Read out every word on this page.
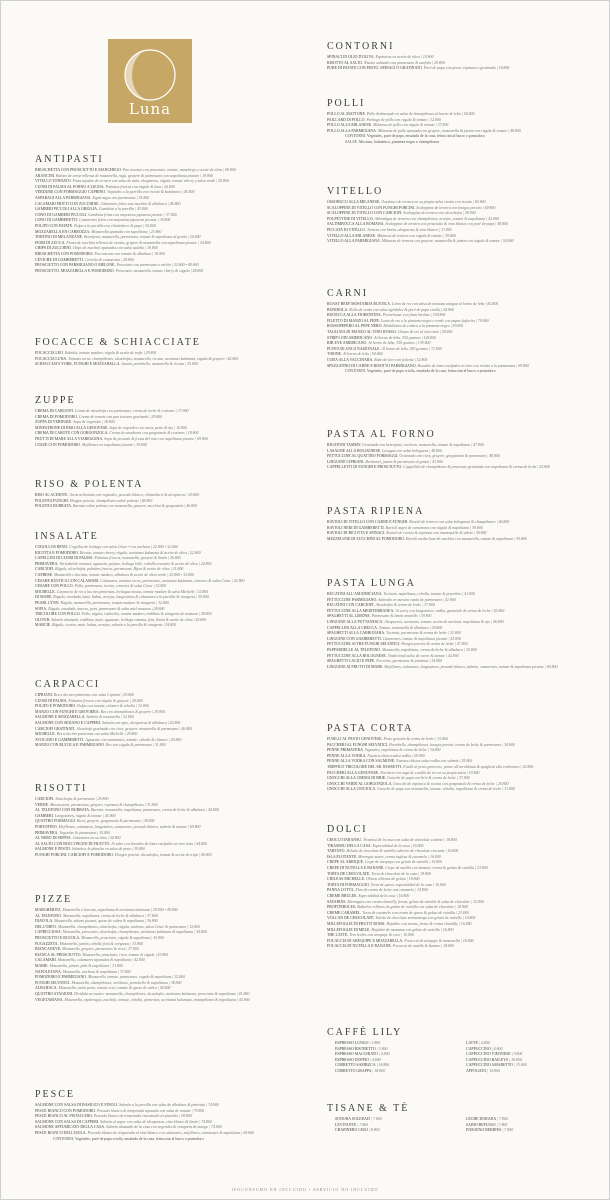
Luna
ANTIPASTI
BRUSCHETTA CON PROSCIUTTO E MANCHEGO. Pan toscano con prosciutto, tomate, manchego y aceite de oliva | 69.800
ARANCINI. Bolitas de arroz rellenas de mozzarella, ragù, gruyere & parmesano con napolitana picante | 18.800
VITELLO TONNATO. Finas tajadas de ternera con salsa de atún, alcaparras, rúgula, tomate cherry y salsa verde | 29.800
CUORI DI PALMA AL FORNO A LEGNA. Palmitos frescos con rúgula & lima | 26.800
VERDURE CON FORMAGGIO CAPRINO. Vegetales a la parrilla con ricotta & balsámico | 45.800
ASPARAGI ALLA PARMIGIANA. Espárragos con parmesano | 35.800
CALAMARI FRITTI CON ZUCCHINE. Calamares fritos con zucchini & albahaca | 46.800
GAMBERI PICCOLI ALLA GRIGLIA. Gambitas a la parrilla | 45.800
CONO DI GAMBERI PICCOLI. Gambitas fritas con mayonesa japonesa picante | 37.800
CONO DI GAMBERETTI. Camarones fritos con mayonesa japonesa picante | 39.800
POLIPO CON PATATE. Pulpo a la parrilla con chimichurri & papa | 54.800
MOZZARELLA EN CARROZZA. Mozzarella apanada con napolitana | 23.800
TORTINO DI MELANZANE. Berenjena, mozzarella, parmesano, tomate & napolitana al gratín | 26.800
FIORI DI ZUCCA. Flores de zucchini rellenos de ricotta, gruyere & mozzarella con napolitana picante | 54.800
CHIPS DI ZUCCHINI. Chips de zucchini apanados con salsa tzatziki | 18.800
BRUSCHETTA CON POMODORO. Pan toscano con tomate & albahaca | 18.800
CEVICHE DI GAMBERETTI. Ceviche de camarones | 29.800
PROSCIUTTO CON PARMIGIANO O MELONE. Prosciutto con parmesano o melón | 32.800 • 49.800
PROSCIUTTO, MOZZARELLA E POMODORO. Prosciutto, mozzarella, tomate cherry & rúgula | 58.800
FOCACCE & SCHIACCIATE
FOCACCIA LEO. Robiola, tomate maduro, rúgula & aceite de trufa | 29.800
FOCACCIA LUNA. Tomates secos, champiñones, alcachofas, mozzarella, ricotta, aceitunas kalamata, rúgula & gruyere | 42.800
SCHIACCIATA YORK, FUNGHI E MOZZARELLA. Jamón, portobello, mozzarella & ricotta | 35.800
ZUPPE
CREMA DI CARCIOFI. Crema de alcachofa con parmesano, crema de leche & crutones | 37.800
CREMA DI POMODORO. Crema de tomate con pan toscano gratinado | 29.800
ZUPPA DI VERDURE. Sopa de vegetales | 18.800
MINESTRONE DI RISO ALLA GENOVESE. Sopa de vegetales con arroz, pesto & ajo | 16.800
CREMA DI CAROTE CON GORGONZOLA. Crema de zanahoria con gorgonzola & crutones | 18.800
FRUTTI DI MARE ALLA VIAREGGINA. Sopa de pescado & frutos del mar con napolitana picante | 69.800
COZZE CON POMODORO. Mejillones en napolitana picante | 39.800
RISO & POLENTA
RISO AL ACHIOTE. Arroz achiotado con vegetales, pescado blanco, chimichurri & alcaparras | 29.800
POLENTA FUNGHI. Hongos porcini, champiñones sobre polenta | 48.800
POLENTA BURRATA. Burrata sobre polenta con mozzarella, gruyere, zucchini & gorgonzola | 46.800
INSALATE
COGOLLOS RENO. Cogollos de lechuga con salsa César • con anchoas | 22.800 • 32.600
RICOTTA E POMODORO. Ricotta, tomate cherry, rúgula, aceitunas kalamata & aceite de oliva | 22.800
CAPELLINI DI CUORI DI PALMA. Palmitos frescos, mozzarella, gruyere & limón | 26.800
PRIMAVERA. Variedad de tomates, aguacate, pepino, lechuga lollo, cebolla crocante & aceite de oliva | 24.800
CARCIOFI. Rúgula, alcachofas, palmitos frescos, parmesano, Bijon & aceite de oliva | 21.800
CAPRESE. Mozzarella o burrata, tomate maduro, albahaca & aceite de oliva verde | 25.800 • 32.800
CESARE RUSTICA CON CALAMARI. Calamares, tomates secos, parmesano, aceitunas kalamata, crutones & salsa César | 42.800
CESARE CON POLLO. Pollo, parmesano, tocino, crutones & salsa César | 32.800
MICHELLE. Carpaccio de res a las tres pimientas, lechugas mixtas, tomate maduro & salsa Michelle | 32.800
DI MARE. Rúgula, ensalada, maíz, habas, arvejas, langostinos & calamares a la parrilla & vinagreta | 59.800
PEARL LYNN. Rúgula, mozzarella, parmesano, tomate maduro & vinagreta | 32.800
SOFIA. Rúgula, ensalada, nueces, pera, parmesano & salsa miel mostaza | 28.800
TRICOLORE CON POLLO. Pollo, rúgula, radicchio, tomate maduro, endibias & vinagreta de mostaza | 28.800
OLIVER. Salmón ahumado, endibias, maíz, aguacate, lechuga romana, feta, limón & aceite de oliva | 42.800
MARCIE. Rúgula, ricotta, maíz, habas, arvejas, salmón a la parrilla & vinagreta | 54.800
CARPACCI
CIPRIANI. Res a las tres pimientas con salsa Cipriani | 29.800
CUORI DI PALMA. Palmitos frescos con rúgula & gruyere | 29.800
POLIPO E POMODORO. Pulpo con tomate, cilantro & cebolla | 32.800
MANZO CON FUNGHI E GROVIERA. Res con champiñones & gruyere | 29.800
SALMONE E MOZZARELLA. Salmón & mozzarella | 32.800
SALMONE CON SEDANO E CAPPERI. Salmón con apio, alcaparras & albahaca | 42.800
CARCIOFI GRATINATI. Alcachofa gratinada con ricot, gruyere, mozzarella & parmesano | 46.800
MICHELLE. Res a las tres pimientas con salsa Michelle | 29.800
AVOCADO E GAMBERETTI. Aguacate con camarones, tomate, cebolla & cilantro | 29.800
MANZO CON RUCOLA E PARMIGIANO. Res con rúgula & parmesano | 31.800
RISOTTI
CARCIOFI. Alcachofas & parmesano | 29.800
VERDE. Mascarpone, parmesano, gruyere, espinaca & champiñones | 31.800
AL TELEFONO CON BURRATA. Burrata, mozzarella, napolitana, parmesano, crema de leche & albahaca | 44.800
GAMBERI. Langostinos, rúgula & tomate | 45.800
QUATTRO FORMAGGI. Ricot, gruyere, gorgonzola & parmesano | 38.800
PORTOFINO. Mejillones, calamares, langostinos, camarones, pescado blanco, salmón & tomate | 69.800
PRIMAVERA. Vegetales & parmesano | 35.800
AL NERO DI SEPPIA. Calamares en su tinta | 54.800
AL SALTO CON BOCCONCINI DI FILETTO. Al salto con bocados de lomo estofados en vino tinto | 64.800
SALMONE E PESTO. Salmón a la plancha en salsa de pesto | 59.800
FUNGHI PORCINI, CARCIOFI E POMODORO. Hongos porcini, alcachofas, tomate & aceite de trufa | 49.800
PIZZE
MARGHERITA. Mozzarella o burrata, napolitana & aceitunas kalamata | 29.800 • 49.800
AL TELEFONO. Mozzarella, napolitana, crema de leche & albahaca | 37.800
DIAVOLA. Mozzarella, salami picante, queso de cabra & napolitana | 36.800
DELL'ORTO. Mozzarella, champiñones, alcachofas, rúgula, anchoas, salsa César & parmesano | 32.800
CAPRICCIOSA. Mozzarella, prosciutto, alcachofas, champiñones, aceitunas kalamata & napolitana | 54.800
PROSCIUTTO E RUCOLA. Mozzarella, prosciutto, rúgula & napolitana | 43.800
FUGAZZETA. Mozzarella, jamón, cebolla frita & oréganos | 33.800
BIANCANEVE. Mozzarella, gruyere, parmesano & ricot | 37.800
BIANCA AL PROSCIUTTO. Mozzarella, prosciutto, ricot, tomate & rúgula | 43.800
CALAMARI. Mozzarella, calamares apanados & napolitana | 42.800
MARIE. Mozzarella, jamón, piña & napolitana | 31.800
NAPOLETANA. Mozzarella, anchoas & napolitana | 37.800
POMODORO E PARMIGIANO. Mozzarella, tomate, parmesano, rúgula & napolitana | 32.800
FUNGHI SELVATICI. Mozzarella, champiñones, orellanas, portobello & napolitana | 38.800
ALBAHACA. Mozzarella, salsa pesto, tomate seco, tomate & queso de cabra | 44.800
QUATTRO STAGIONI. Dividida en cuatro: mozzarella, champiñones, alcachofas, aceitunas kalamata, prosciutto & napolitana | 41.800
VEGETARIANA. Mozzarella, espárragos, zucchini, tomate, cebolla, pimientos, aceitunas kalamata, champiñones & napolitana | 43.800
PESCE
SALMONE CON SALSA DI BASILICO E FINOLI. Salmón a la parrilla con salsa de albahaca & pimienta | 74.800
PESCE BIANCO CON POMODORO. Pescado blanco de temporada apanado con salsa de tomate | 79.800
PESCE BIANCO AL PISTACCHIO. Pescado blanco de temporada encostrado en pistacho | 69.800
SALMONE CON SALSA DI CAPPERI. Salmón al vapor con salsa de alcaparras, vino blanco & limón | 74.800
SALMONE AFFUMICATO DELLA CASA. Salmón ahumado de la casa con vegetales & vinagreta de mango | 74.800
PESCE BIANCO DELL'ISOLA. Pescado blanco de temporada al vino blanco con calamares, mejillones, camarones & napolitana | 69.800
CONTORNI. Vegetales, puré de papa criolla, ensalada de la casa, fettuccini al burro o pomodoro
CONTORNI
SPINACI IN OLIO D'OLIVA. Espinacas en aceite de oliva | 10.800
RISOTTO AL SALTO. Risotto salteado con parmesano & azafrán | 29.800
PURE DI PATATE CON PESTO, SPINACI O GRATINATO. Puré de papa con pesto, espinaca o gratinado | 18.800
POLLI
POLLO AL MATTONE. Pollo deshuesado en salsa de champiñones al horno de leña | 54.800
PAILLARD DI POLLO. Pechuga de pollo con rúgula & tomate | 32.800
POLLO ALLA MILANESE. Milanesa de pollo con rúgula & tomate | 37.800
POLLO ALLA PARMIGIANA. Milanesa de pollo apanada con gruyere, mozzarella & jamón con rúgula & tomate | 48.800
CONTORNI. Vegetales, puré de papa, ensalada de la casa, fettuccini al burro o pomodoro
SALSE. Mostaza, balsámico, pimienta negra o champiñones
VITELLO
OSSOBUCO ALLA MILANESE. Ossobuco de ternera en su propia salsa risotto con risotto | 82.800
SCALOPPINE DI VITELLO CON FUNGHI PORCINI. Scaloppine de ternera con hongos porcini | 69.800
SCALOPPINE DI VITELLO CON CARCIOFI. Scaloppine de ternera con alcachofas | 38.800
POLPETTINE DI VITELLO. Albóndigas de ternera con champiñones, arvejas, tomate & napolitana | 42.800
SALTIMBOCCA ALLA ROMANA. Scaloppine de ternera con prosciutto & vino blanco con puré de papa | 49.800
PICCATA DI VITELLO. Ternera con limón, alcaparras & vino blanco | 37.800
VITELLO ALLA MILANESE. Milanesa de ternera con rúgula & tomate | 39.800
VITELLO ALLA PARMIGIANA. Milanesa de ternera con gruyere, mozzarella & jamón con rúgula & tomate | 54.800
CARNI
ROAST BEEF MOSTARDA RUSTICA. Lomo de res con salsa de mostaza antigua al horno de leña | 82.800
BONDIOLA. Rollo de cerdo con salsa agridulce & puré de papa criolla | 64.800
BISTECCA ALLA FIORENTINA. Porterhouse con finas hierbas | 159.800
FILETTO DI MANZO AL PEPE. Lomo de res a la pimienta negra o verde con papas fosforito | 79.800
ROSSOPEPERO AL PEPE NERO. Medallones de cadera a la pimienta negra | 59.800
TAGLIATA DI MANZO AL VINO ROSSO. Chatas de res al vino tinto | 58.800
STRIP LOIN AMERICANO. Al horno de leña, 350 gramos | 128.800
RIB EYE AMERICANO. Al horno de leña, 350 gramos | 139.800
PUNTA DI ANCA NAZIONALE. Al horno de leña, 350 gramos | 72.800
T-BONE. Al horno de leña | 94.800
CODA ALLA VACCINARA. Rabo de toro con polenta | 52.800
SPEZZATINO DI CARNE E RISOTTO PARMIGIANO. Bocados de lomo estofados en vino con risotto a la parmesana | 69.800
CONTORNI. Vegetales, puré de papa criolla, ensalada de la casa, fettuccini al burro o pomodoro
PASTA AL FORNO
RIGATONI TAMMY. Gratinado con berenjena, carcheta, mozzarella, tomate & napolitana | 47.800
LASAGNE ALLA BOLOGNESE. Lasagna con salsa bolognesa | 48.800
FETTUCCINE AL QUATTRO FORMAGGI. Gratinado con ricot, gruyere, gorgonzola & parmesano | 49.800
LINGUINE CIPRIANI. Bechamel, jamón & parmesano al gratín | 41.800
CAPPELLETTI DI FUNGHI E PROSCIUTTO. Cappelletti de champiñones & prosciutto gratinado con napolitana & crema de leche | 52.800
PASTA RIPIENA
RAVIOLI DI VITELLO CON CARNE E FUNGHI. Ravioli de ternera con salsa bolognesa & champiñones | 46.800
RAVIOLI NERI DI GAMBERETTI. Ravioli negro de camarones con rúgula & napolitana | 59.800
RAVIOLI DI RICOTTA E SPINACI. Ravioli de ricotta & espinaca con mantequilla & salvia | 38.800
MEZZELUNE DI ZUCCHINI AL POMODORO. Ravioli media luna de zucchini con mozzarella, tomate & napolitana | 39.800
PASTA LUNGA
BUCATINI ALL'AMATRICIANA. Tocineta, napolitana, cebolla, tomate & peperlino | 41.800
FETTUCCINE PARMIGIANO. Salteado en nuestra rueda de parmesano | 41.800
BUCATINI CON CARCIOFI. Alcachofas & crema de leche | 37.800
FETTUCCINE ALLA MEDITERRANEA. Al curry con langostinos, vodka, guanciale & crema de leche | 55.800
SPAGHETTI AL LIMONE. Parmesano & limón amarillo | 39.800
LINGUINE ALLA PUTTANESCA. Alcaparras, aceitunas, tomate, aceite de anchoas, napolitana & ajo | 46.800
CAPPELLINI ALLA CHECCA. Tomate, mozzarella & albahaca | 29.800
SPAGHETTI ALLA CARBONARA. Tocineta, parmesano & crema de leche | 32.800
LINGUINE CON GAMBERETTI. Camarones, tomate & napolitana picante | 43.800
FETTUCCINE AI TRE FUNGHI SELVATICI. Hongos porcini & crema de leche | 47.800
PAPPARDELLE AL TELEFONO. Mozzarella, napolitana, crema de leche & albahaca | 35.800
FETTUCCINE ALLA BOLOGNESE. Tradicional salsa de carne & tomate | 42.800
SPAGHETTI CACIO E PEPE. Pecorino, parmesano & pimienta | 34.800
LINGUINE AI FRUTTI DI MARE. Mejillones, calamares, langostinos, pescado blanco, salmón, camarones, tomate & napolitana picante | 69.800
PASTA CORTA
FUSILLI AL PESTO GENOVESE. Pesto genovés & crema de leche | 33.800
PACCHERI AL FUNGHI SELVATICI. Portobello, champiñones, hongos porcini, crema de leche & parmesano | 34.800
PENNE PRIMAVERA. Vegetales, napolitana & crema de leche | 34.800
PENNE ALLA VODKA. Nuestra clásica salsa vodka | 29.800
PENNE ALLA VODKA CON SALMONE. Nuestra clásica salsa vodka con salmón | 55.800
TRIPPICO TRICOLORE DEL SR. ROSSETTI. Fusilli al pesto genovese, penne all'arrabbiata & spaghetti alla carbonara | 32.800
PACCHERI ALLA GENOVESE. Paccheri con ragù de costilla de res en su propia salsa | 53.800
GNOCCHI ALLA CREMA DI BRIE. Gnocchi de papa con brie & crema de leche | 37.800
GNOCCHI VERDI AL GORGONZOLA. Gnocchi de espinaca & ricotta con gorgonzola & crema de leche | 29.800
GNOCCHI ALLA CIOCIOLA. Gnocchi de papa con mozzarella, tomate, cebolla, napolitana & crema de leche | 31.800
DOLCI
CROCCOTARANSU. Tiramisú de la casa con salsa de chocolate caliente | 18.800
TIRAMISU DELLA CASA. Especialidad de la casa | 16.800
TARTUFO. Helado de chocolate & vainilla cubierto de chocolate crocante | 16.800
ISLA FLOTANTE. Merengue suave, crema inglesa & caramelo | 16.800
CREPE AL ARRIQUE. Crepe de arequipe con gelato de vainilla | 16.800
CREPE DI NUTELLA E BANANE. Crepe de nutella con banano, crema & gelato de vainilla | 23.800
TORTA DE CHOCOLATE. Torta de chocolate de la casa | 18.800
CHILEAS MICHELLE. Obleas rellenas de gelato | 18.800
TORTA DI FORMAGGIO. Torta de queso, especialidad de la casa | 16.800
PANNA COTTA. Flan de crema de leche con caramelo | 14.800
CRÈME BRÛLÉE. Especialidad de la casa | 16.800
SAVARINS. Merengues con crema chantilly, fresas, gelato de vainilla & salsa de chocolate | 25.800
PROFITEROLES. Buñuelos rellenos de gelato de vainilla con salsa de chocolate | 18.800
CREME CARAMEL. Torta de caramelo con crema de queso & gelato de vainilla | 23.800
VOLCAN DE CHOCOLATE. Volcán de chocolate semiamargo con gelato de vainilla | 18.800
MILLEFOGLIE DI FRUTTI ROSSI. Hojaldre con moras, fresas & crema chantilly | 16.800
MILLEFOGLIE DI MELE. Hojaldre de manzana con gelato de vainilla | 16.800
THE LATTE. Tres leches con arequipe & coco | 16.800
FOCACCIA DI AREQUIPE E MOZZARELLA. Focaccia de arequipe & mozzarella | 16.800
FOCACCIA DI NUTELLA E BANANE. Focaccia de nutella & banano | 18.800
CAFFÈ LILY
ESPRESSO LUNGO | 3.800
ESPRESSO RISTRETTO | 3.800
ESPRESSO MACCHIATO | 4.800
ESPRESSO DOPPIO | 4.800
CORRETTO SAMBUCA | 18.800
CORRETTO GRAPPA | 18.800
LATTE | 4.800
CAPPUCCINO | 4.800
CAPPUCCINO VIENNESE | 9.800
CAPPUCCINO BAILEYS | 18.800
CAPPUCCINO AMARETTO | 15.800
AFFOGATO | 10.800
TISANE & TÈ
SONORA SOLEDAD | 7.800
LEVITANTE | 7.800
CHAPINERO CHAI | 8.800
LECHE DORADA | 7.800
SABIO REFUGIO | 7.800
ENSUEÑO BERRIES | 7.800
IPOCONSUMO EN INCLUIDO • SERVICIO NO INCLUIDO
